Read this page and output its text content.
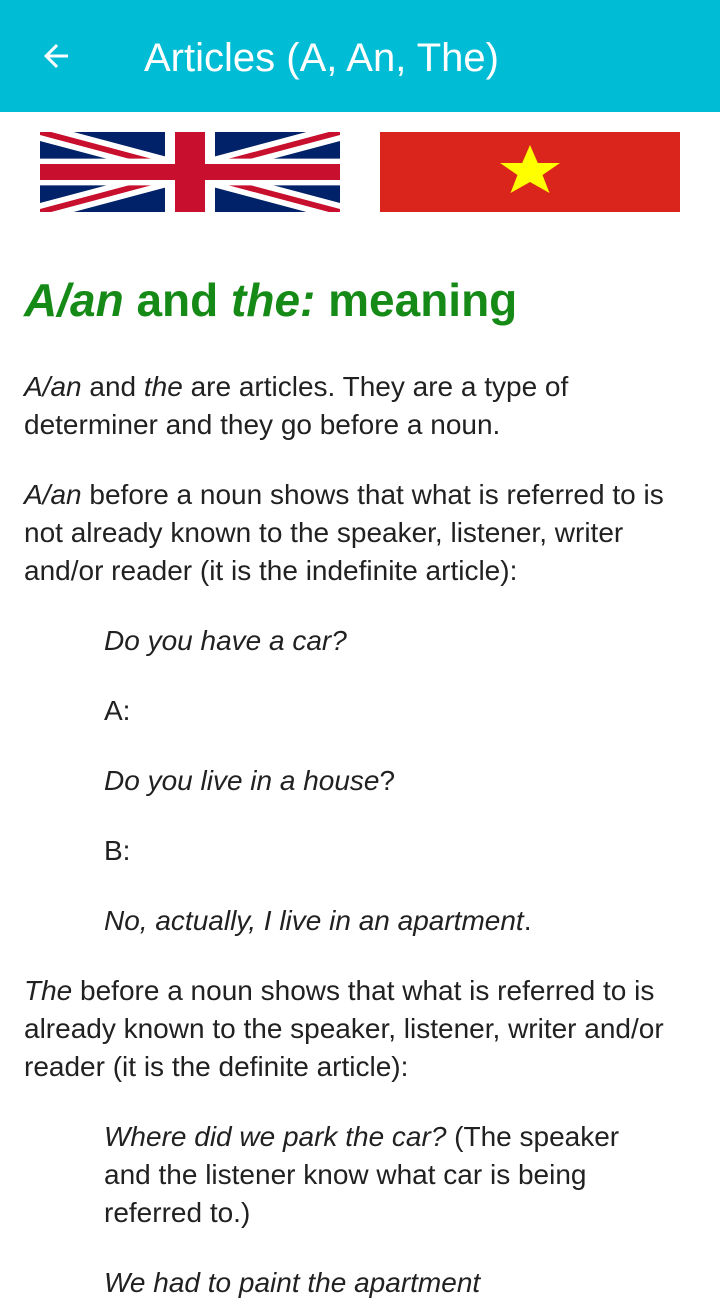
Articles (A, An, The)
A/an and the: meaning

A/an and the are articles. They are a type of determiner and they go before a noun.

A/an before a noun shows that what is referred to is not already known to the speaker, listener, writer and/or reader (it is the indefinite article):

Do you have a car?

A:

Do you live in a house?

B:

No, actually, I live in an apartment.

The before a noun shows that what is referred to is already known to the speaker, listener, writer and/or reader (it is the definite article):

Where did we park the car? (The speaker and the listener know what car is being referred to.)

We had to paint the apartment
